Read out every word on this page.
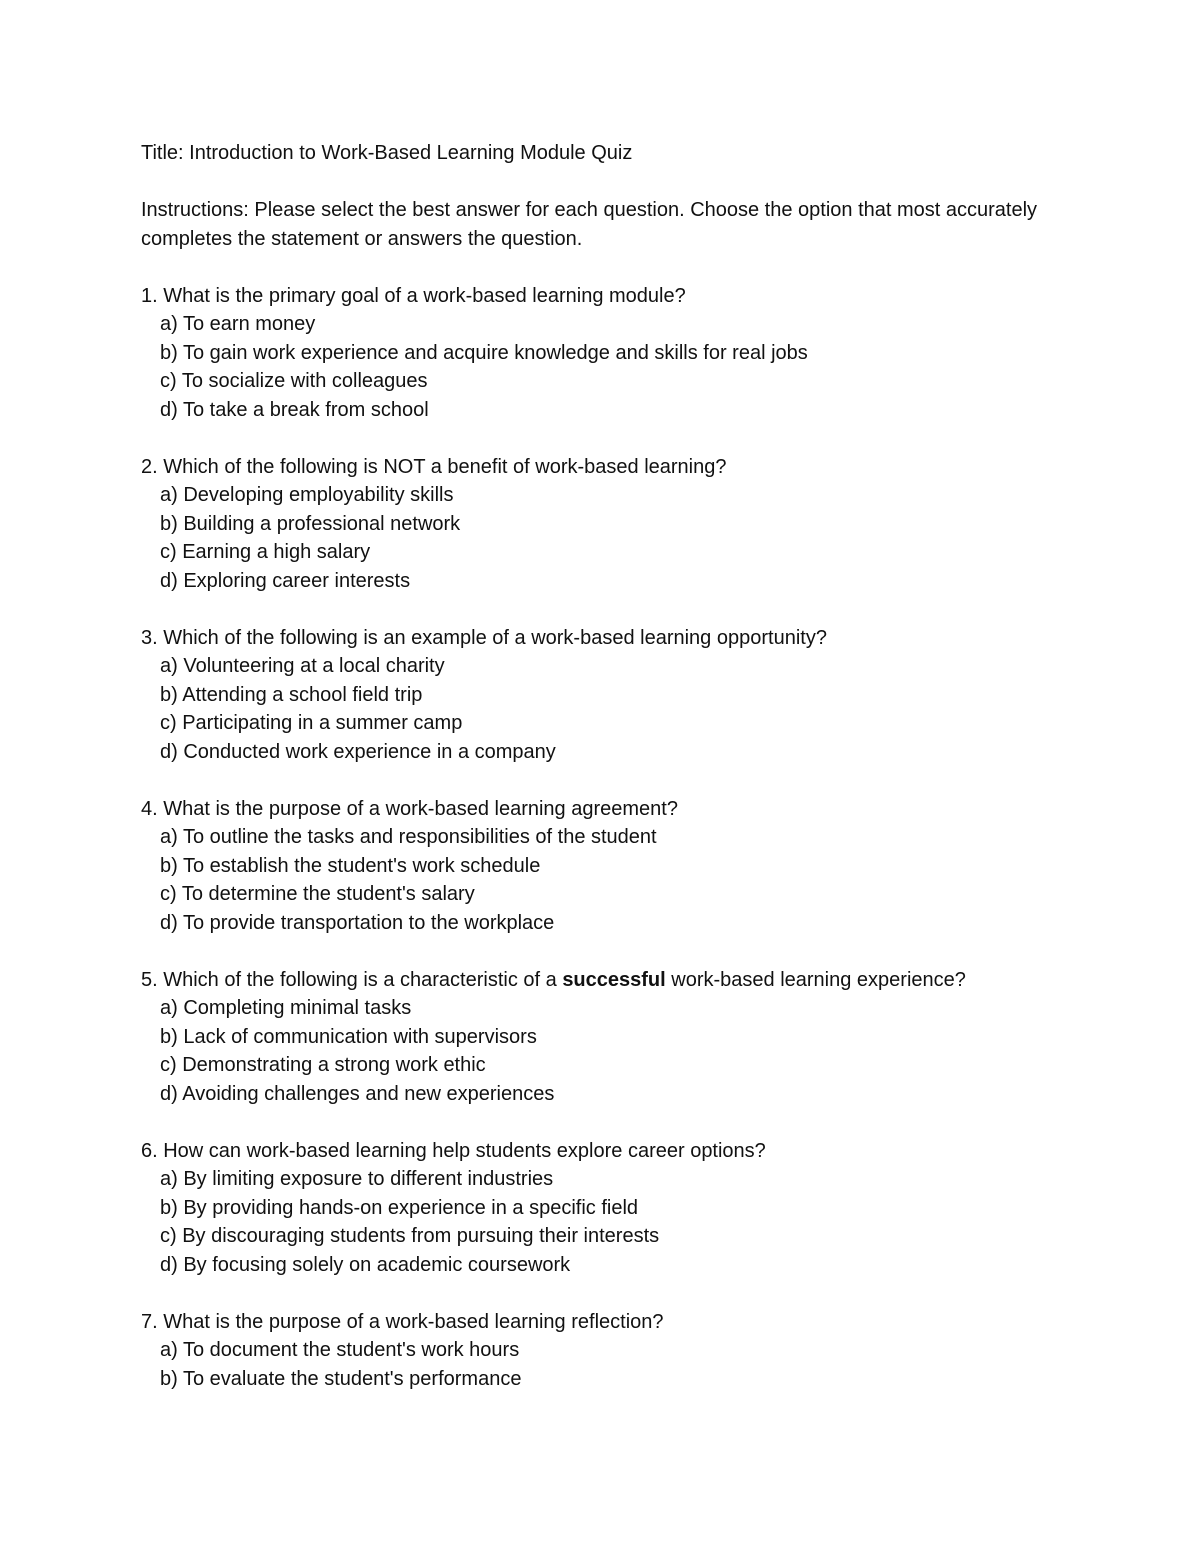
Title: Introduction to Work-Based Learning Module Quiz

Instructions: Please select the best answer for each question. Choose the option that most accurately completes the statement or answers the question.

1. What is the primary goal of a work-based learning module?

a) To earn money

b) To gain work experience and acquire knowledge and skills for real jobs

c) To socialize with colleagues

d) To take a break from school

2. Which of the following is NOT a benefit of work-based learning?

a) Developing employability skills

b) Building a professional network

c) Earning a high salary

d) Exploring career interests

3. Which of the following is an example of a work-based learning opportunity?

a) Volunteering at a local charity

b) Attending a school field trip

c) Participating in a summer camp

d) Conducted work experience in a company

4. What is the purpose of a work-based learning agreement?

a) To outline the tasks and responsibilities of the student

b) To establish the student's work schedule

c) To determine the student's salary

d) To provide transportation to the workplace

5. Which of the following is a characteristic of a successful work-based learning experience?

a) Completing minimal tasks

b) Lack of communication with supervisors

c) Demonstrating a strong work ethic

d) Avoiding challenges and new experiences

6. How can work-based learning help students explore career options?

a) By limiting exposure to different industries

b) By providing hands-on experience in a specific field

c) By discouraging students from pursuing their interests

d) By focusing solely on academic coursework

7. What is the purpose of a work-based learning reflection?

a) To document the student's work hours

b) To evaluate the student's performance
